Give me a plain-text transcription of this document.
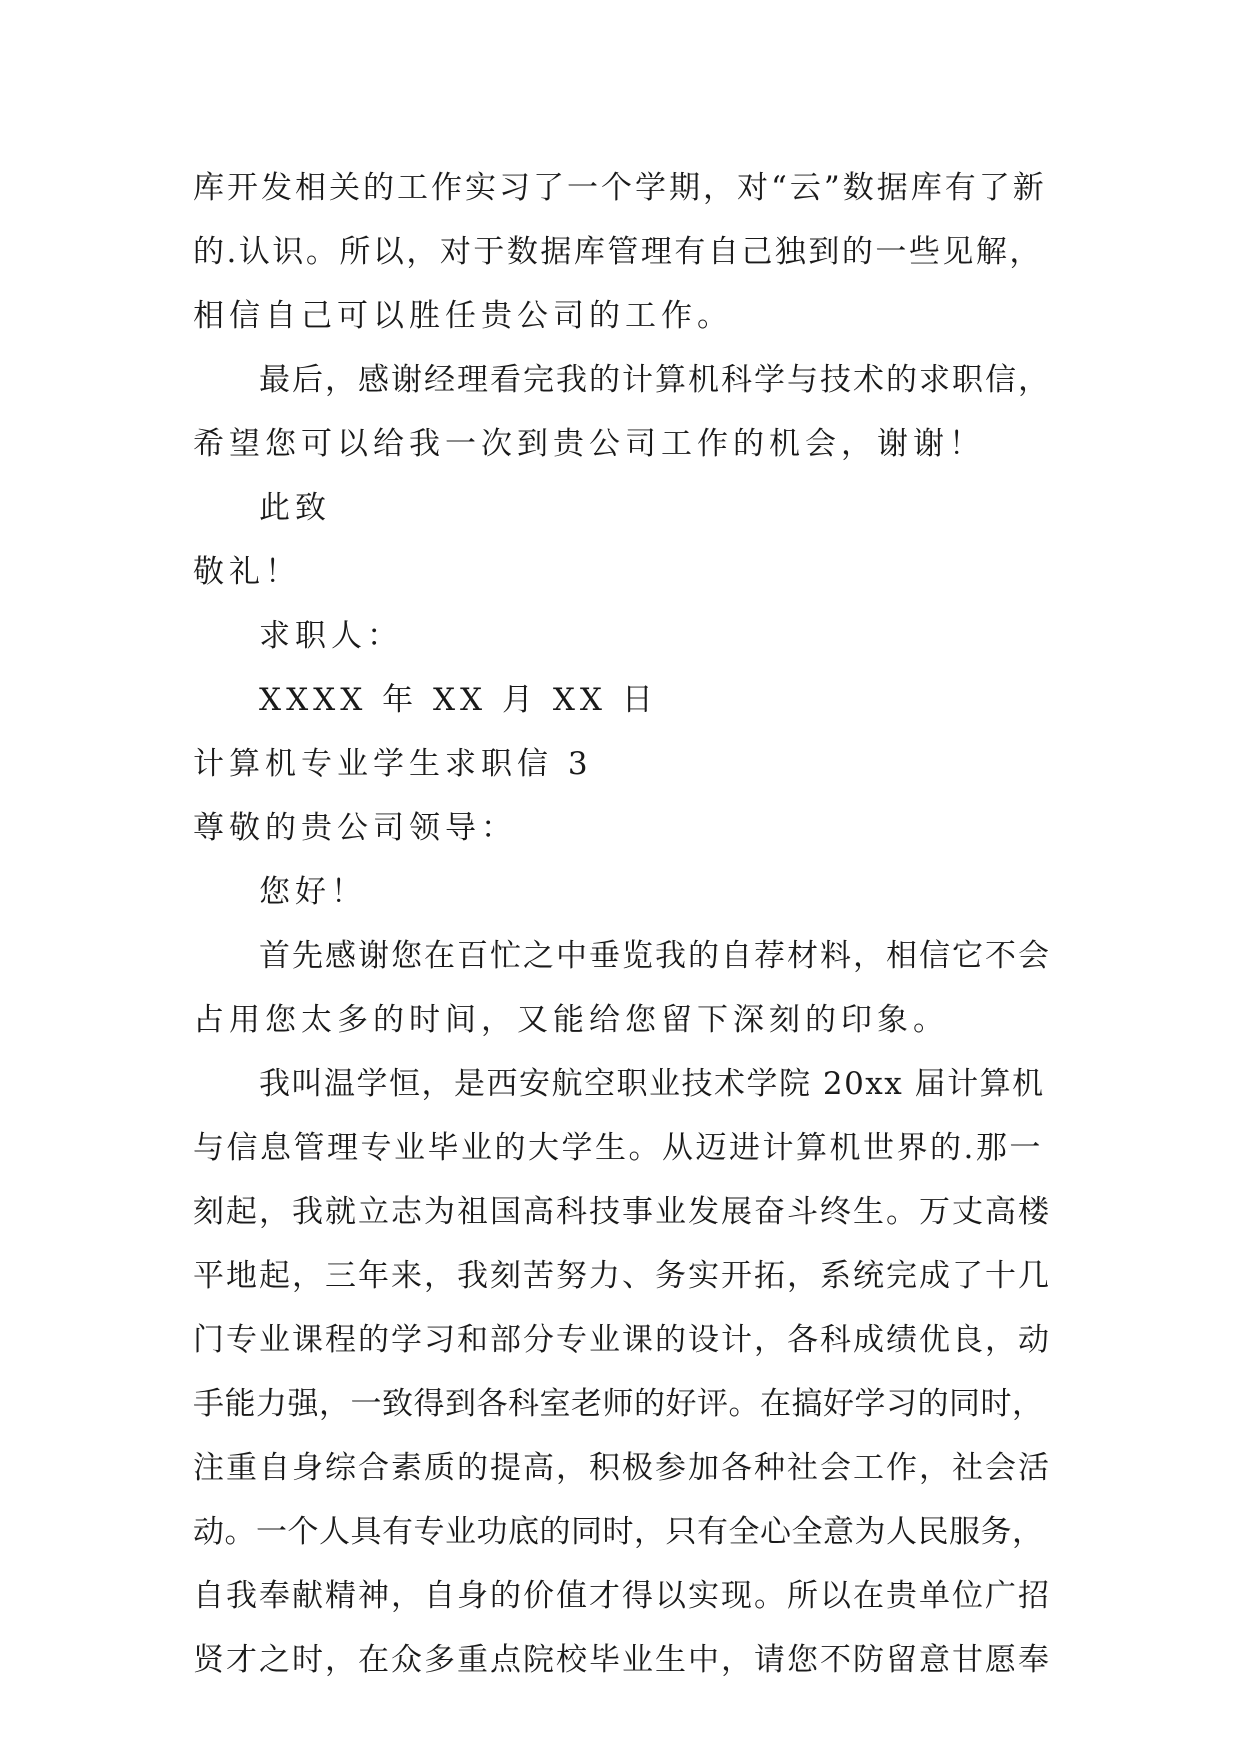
库开发相关的工作实习了一个学期，对“云”数据库有了新
的.认识。所以，对于数据库管理有自己独到的一些见解，
相信自己可以胜任贵公司的工作。
最后，感谢经理看完我的计算机科学与技术的求职信，
希望您可以给我一次到贵公司工作的机会，谢谢！
此致
敬礼！
求职人：
XXXX 年 XX 月 XX 日
计算机专业学生求职信 3
尊敬的贵公司领导：
您好！
首先感谢您在百忙之中垂览我的自荐材料，相信它不会
占用您太多的时间，又能给您留下深刻的印象。
我叫温学恒，是西安航空职业技术学院 20xx 届计算机
与信息管理专业毕业的大学生。从迈进计算机世界的.那一
刻起，我就立志为祖国高科技事业发展奋斗终生。万丈高楼
平地起，三年来，我刻苦努力、务实开拓，系统完成了十几
门专业课程的学习和部分专业课的设计，各科成绩优良，动
手能力强，一致得到各科室老师的好评。在搞好学习的同时，
注重自身综合素质的提高，积极参加各种社会工作，社会活
动。一个人具有专业功底的同时，只有全心全意为人民服务，
自我奉献精神，自身的价值才得以实现。所以在贵单位广招
贤才之时，在众多重点院校毕业生中，请您不防留意甘愿奉
